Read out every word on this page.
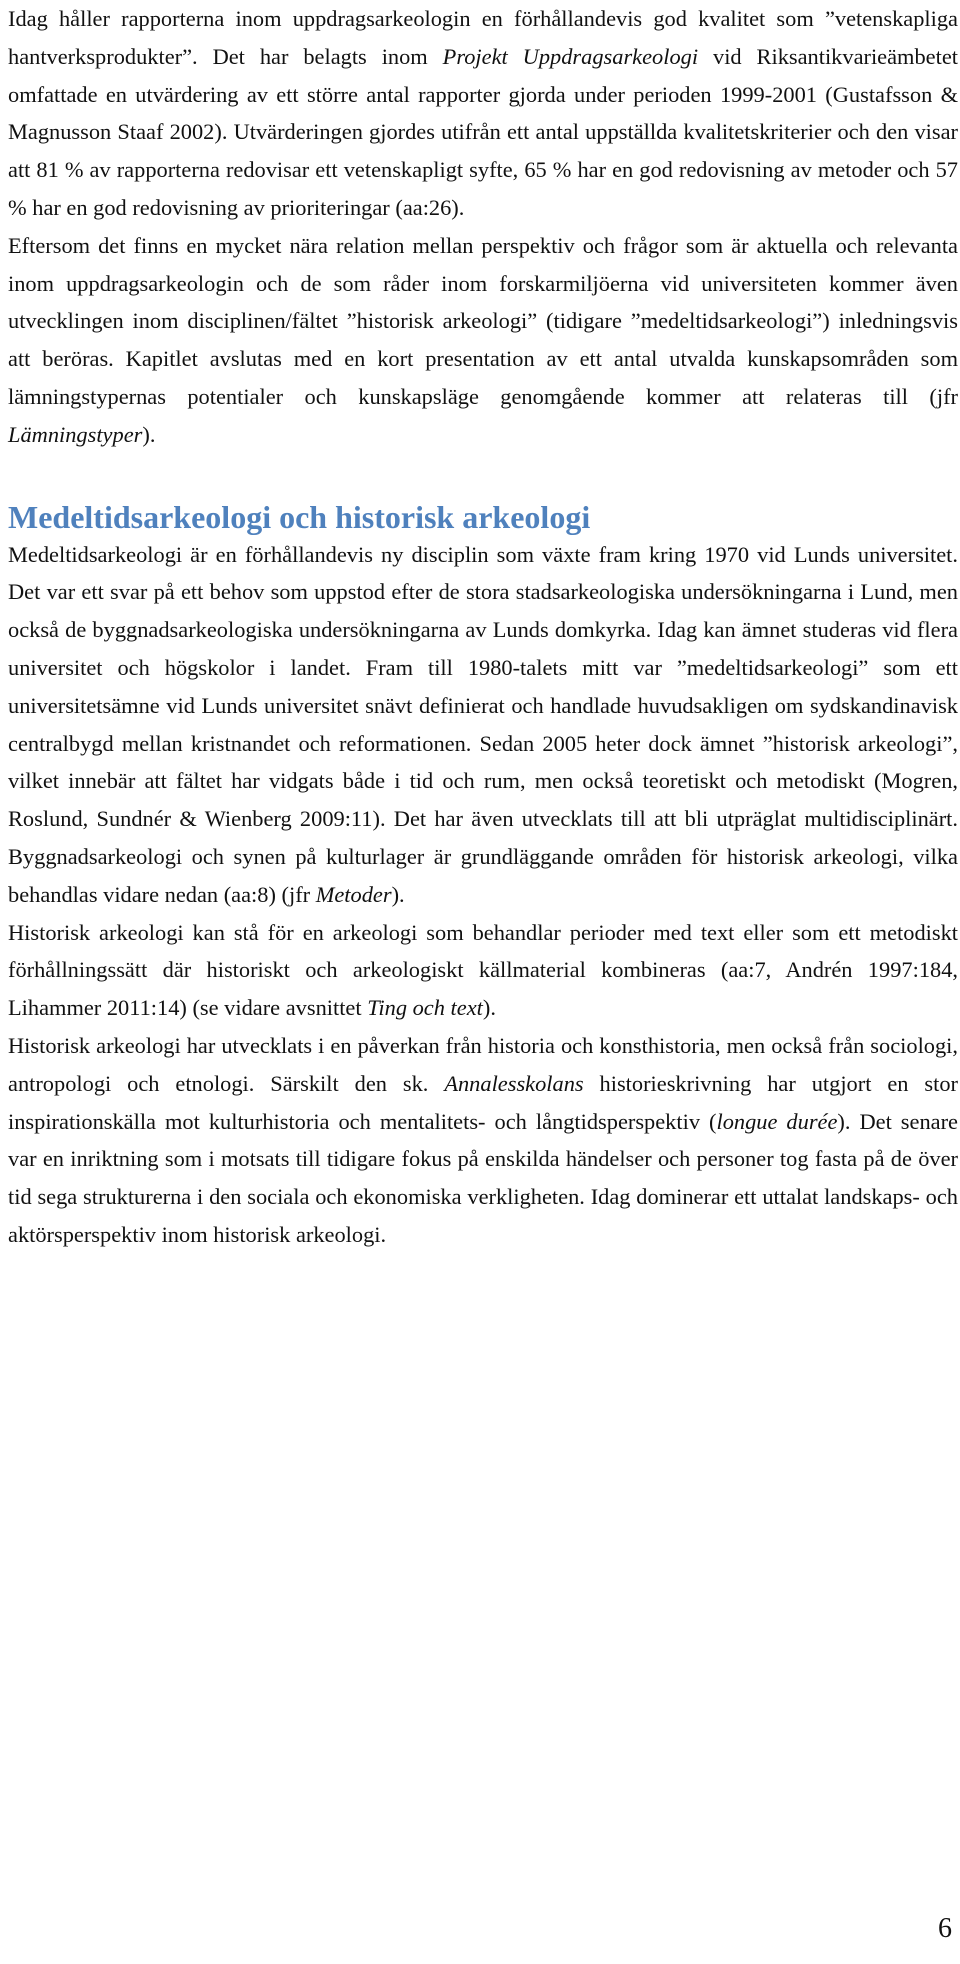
Idag håller rapporterna inom uppdragsarkeologin en förhållandevis god kvalitet som ”vetenskapliga hantverksprodukter”. Det har belagts inom Projekt Uppdragsarkeologi vid Riksantikvarieämbetet omfattade en utvärdering av ett större antal rapporter gjorda under perioden 1999-2001 (Gustafsson & Magnusson Staaf 2002). Utvärderingen gjordes utifrån ett antal uppställda kvalitetskriterier och den visar att 81 % av rapporterna redovisar ett vetenskapligt syfte, 65 % har en god redovisning av metoder och 57 % har en god redovisning av prioriteringar (aa:26).

Eftersom det finns en mycket nära relation mellan perspektiv och frågor som är aktuella och relevanta inom uppdragsarkeologin och de som råder inom forskarmiljöerna vid universiteten kommer även utvecklingen inom disciplinen/fältet ”historisk arkeologi” (tidigare ”medeltidsarkeologi”) inledningsvis att beröras. Kapitlet avslutas med en kort presentation av ett antal utvalda kunskapsområden som lämningstypernas potentialer och kunskapsläge genomgående kommer att relateras till (jfr Lämningstyper).

Medeltidsarkeologi och historisk arkeologi

Medeltidsarkeologi är en förhållandevis ny disciplin som växte fram kring 1970 vid Lunds universitet. Det var ett svar på ett behov som uppstod efter de stora stadsarkeologiska undersökningarna i Lund, men också de byggnadsarkeologiska undersökningarna av Lunds domkyrka. Idag kan ämnet studeras vid flera universitet och högskolor i landet. Fram till 1980-talets mitt var ”medeltidsarkeologi” som ett universitetsämne vid Lunds universitet snävt definierat och handlade huvudsakligen om sydskandinavisk centralbygd mellan kristnandet och reformationen. Sedan 2005 heter dock ämnet ”historisk arkeologi”, vilket innebär att fältet har vidgats både i tid och rum, men också teoretiskt och metodiskt (Mogren, Roslund, Sundnér & Wienberg 2009:11). Det har även utvecklats till att bli utpräglat multidisciplinärt. Byggnadsarkeologi och synen på kulturlager är grundläggande områden för historisk arkeologi, vilka behandlas vidare nedan (aa:8) (jfr Metoder).

Historisk arkeologi kan stå för en arkeologi som behandlar perioder med text eller som ett metodiskt förhållningssätt där historiskt och arkeologiskt källmaterial kombineras (aa:7, Andrén 1997:184, Lihammer 2011:14) (se vidare avsnittet Ting och text).

Historisk arkeologi har utvecklats i en påverkan från historia och konsthistoria, men också från sociologi, antropologi och etnologi. Särskilt den sk. Annalesskolans historieskrivning har utgjort en stor inspirationskälla mot kulturhistoria och mentalitets- och långtidsperspektiv (longue durée). Det senare var en inriktning som i motsats till tidigare fokus på enskilda händelser och personer tog fasta på de över tid sega strukturerna i den sociala och ekonomiska verkligheten. Idag dominerar ett uttalat landskaps- och aktörsperspektiv inom historisk arkeologi.

6
